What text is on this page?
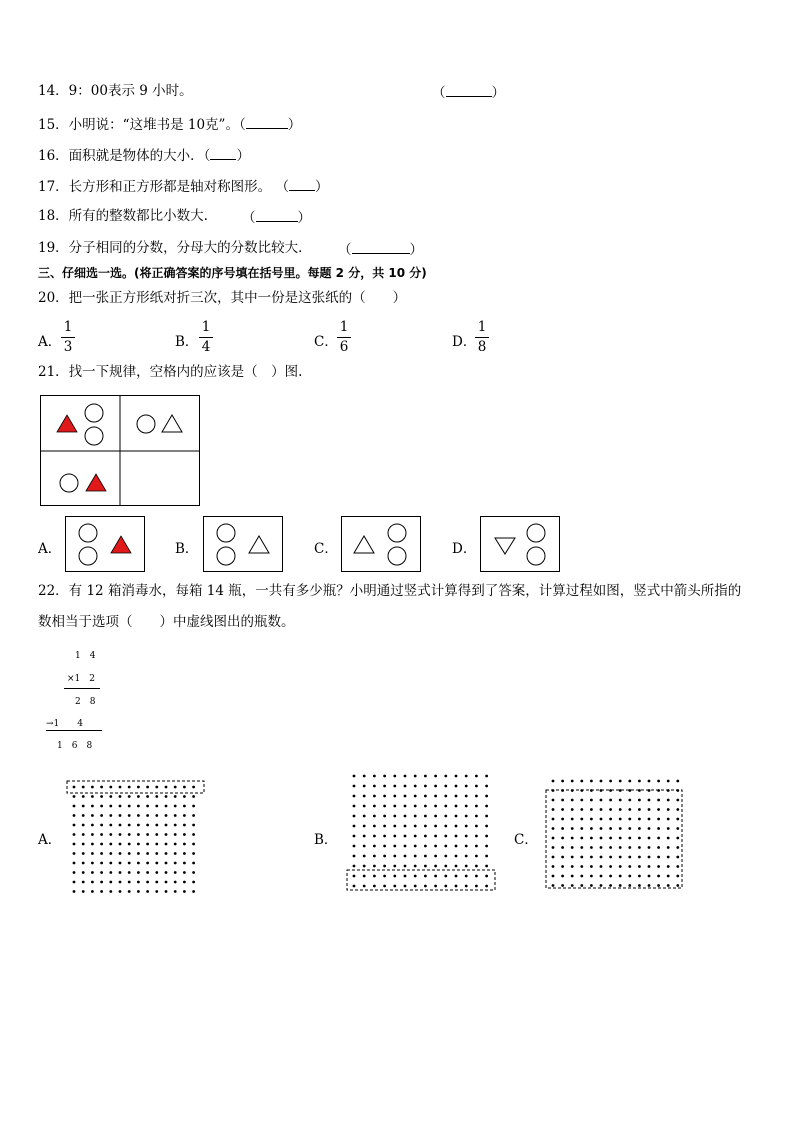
14．9：00表示 9 小时。	（	）
15．小明说：“这堆书是 10克”。（	）
16．面积就是物体的大小．（ ）
17．长方形和正方形都是轴对称图形。 （ ）
18．所有的整数都比小数大.	（	）
19．分子相同的分数，分母大的分数比较大． （	）
三、仔细选一选。(将正确答案的序号填在括号里。每题 2 分，共 10 分)
20．把一张正方形纸对折三次，其中一份是这张纸的（　　）
A． $\frac{1}{3}$	B． $\frac{1}{4}$	C． $\frac{1}{6}$	D．
$\frac{1}{8}$
21．找一下规律，空格内的应该是（　）图.
A．	B．	C．	D．
22．有 12 箱消毒水，每箱 14 瓶，一共有多少瓶？小明通过竖式计算得到了答案，计算过程如图，竖式中箭头所指的
数相当于选项（　　）中虚线图出的瓶数。
1　4
×1　2
2　8
→1　　4
1　6　8
A．	B．	C．
